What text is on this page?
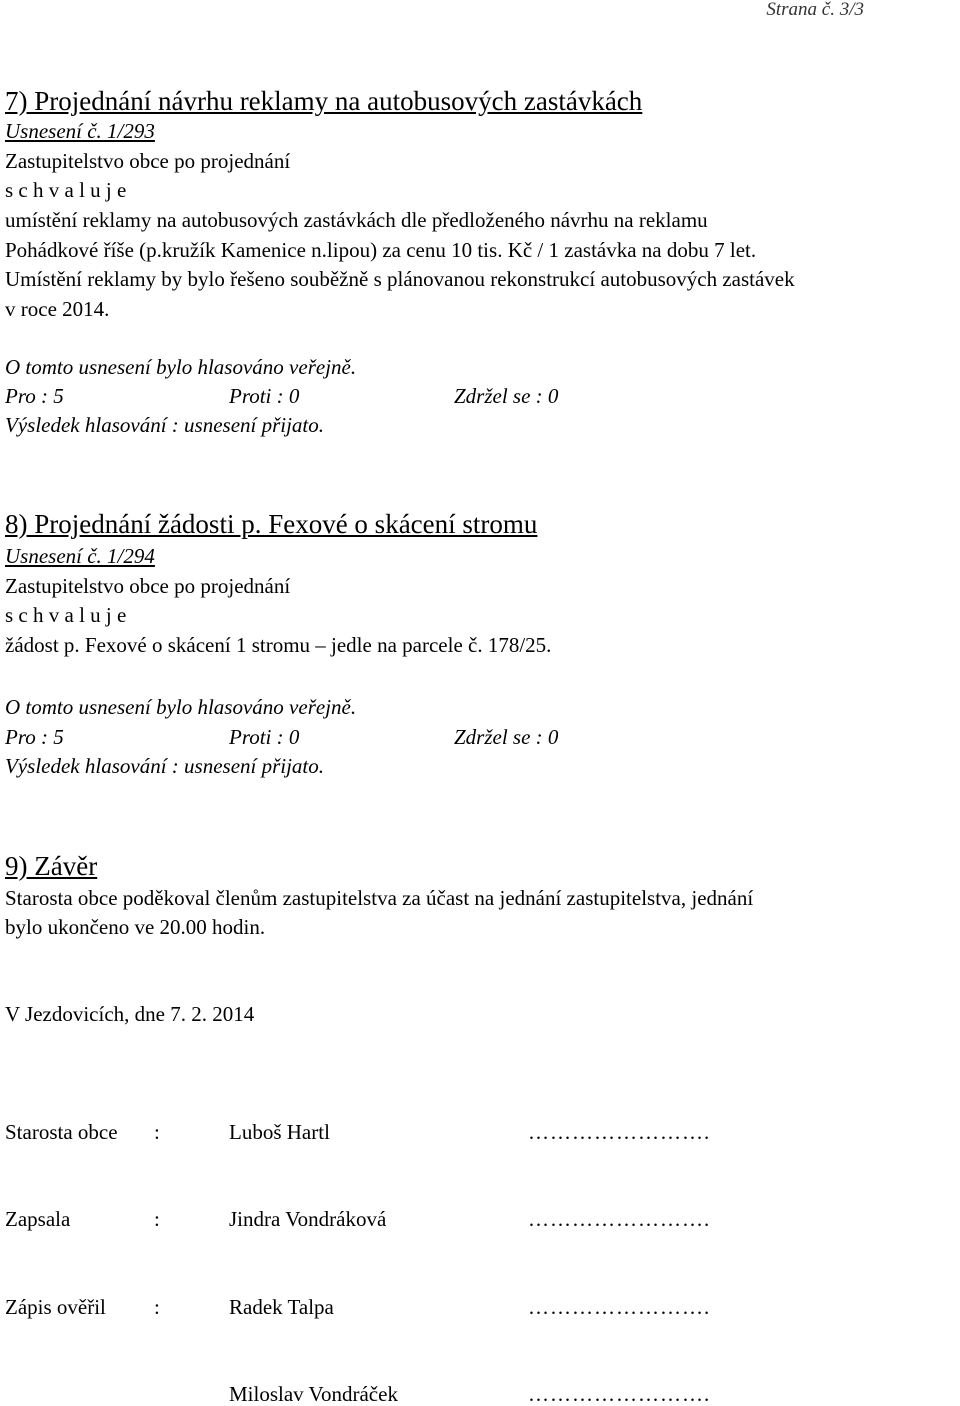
Strana č. 3/3
7) Projednání návrhu reklamy na autobusových zastávkách
Usnesení č. 1/293
Zastupitelstvo obce po projednání
s c h v a l u j e
umístění reklamy na autobusových zastávkách dle předloženého návrhu na reklamu
Pohádkové říše (p.kružík Kamenice n.lipou) za cenu 10 tis. Kč / 1 zastávka na dobu 7 let.
Umístění reklamy by bylo řešeno souběžně s plánovanou rekonstrukcí autobusových zastávek
v roce 2014.
O tomto usnesení bylo hlasováno veřejně.
Pro : 5	Proti : 0	Zdržel se : 0
Výsledek hlasování : usnesení přijato.
8) Projednání žádosti p. Fexové o skácení stromu
Usnesení č. 1/294
Zastupitelstvo obce po projednání
s c h v a l u j e
žádost p. Fexové o skácení 1 stromu – jedle na parcele č. 178/25.
O tomto usnesení bylo hlasováno veřejně.
Pro : 5	Proti : 0	Zdržel se : 0
Výsledek hlasování : usnesení přijato.
9) Závěr
Starosta obce poděkoval členům zastupitelstva za účast na jednání zastupitelstva, jednání
bylo ukončeno ve 20.00 hodin.
V Jezdovicích, dne 7. 2. 2014
Starosta obce :	Luboš Hartl	…………………….
Zapsala	:	Jindra Vondráková	…………………….
Zápis ověřil :	Radek Talpa	…………………….
Miloslav Vondráček	…………………….
